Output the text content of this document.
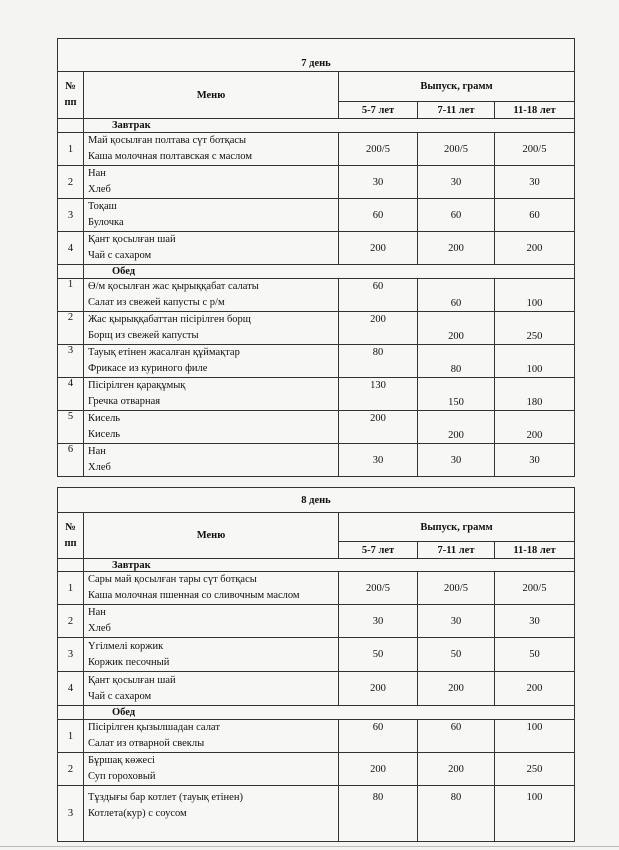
7 день				

№
пп	Меню	Выпуск, грамм		
		5-7 лет	7-11 лет	11-18 лет
	Завтрак			
1	Май қосылған полтава сүт ботқасы
Каша молочная полтавская с маслом	200/5	200/5	200/5
2	Нан
Хлеб	30	30	30
3	Тоқаш
Булочка	60	60	60
4	Қант қосылған шай
Чай с сахаром	200	200	200
	Обед			
1	Ө/м қосылған жас қырыққабат салаты
Салат из свежей капусты с р/м	60	60	100
2	Жас қырыққабаттан пісірілген борщ
Борщ из свежей капусты	200	200	250
3	Тауық етінен жасалған құймақтар
Фрикасе из куриного филе	80	80	100
4	Пісірілген қарақұмық
Гречка отварная	130	150	180
5	Кисель
Кисель	200	200	200
6	Нан
Хлеб	30	30	30
8 день				

№
пп	Меню	Выпуск, грамм		
		5-7 лет	7-11 лет	11-18 лет
	Завтрак			
1	Сары май қосылған тары сүт ботқасы
Каша молочная пшенная со сливочным маслом	200/5	200/5	200/5
2	Нан
Хлеб	30	30	30
3	Үгілмелі коржик
Коржик песочный	50	50	50
4	Қант қосылған шай
Чай с сахаром	200	200	200
	Обед			
1	Пісірілген қызылшадан салат
Салат из отварной свеклы	60	60	100
2	Бұршақ көжесі
Суп гороховый	200	200	250
3	Тұздығы бар котлет (тауық етінен)
Котлета(кур) с соусом	80	80	100
